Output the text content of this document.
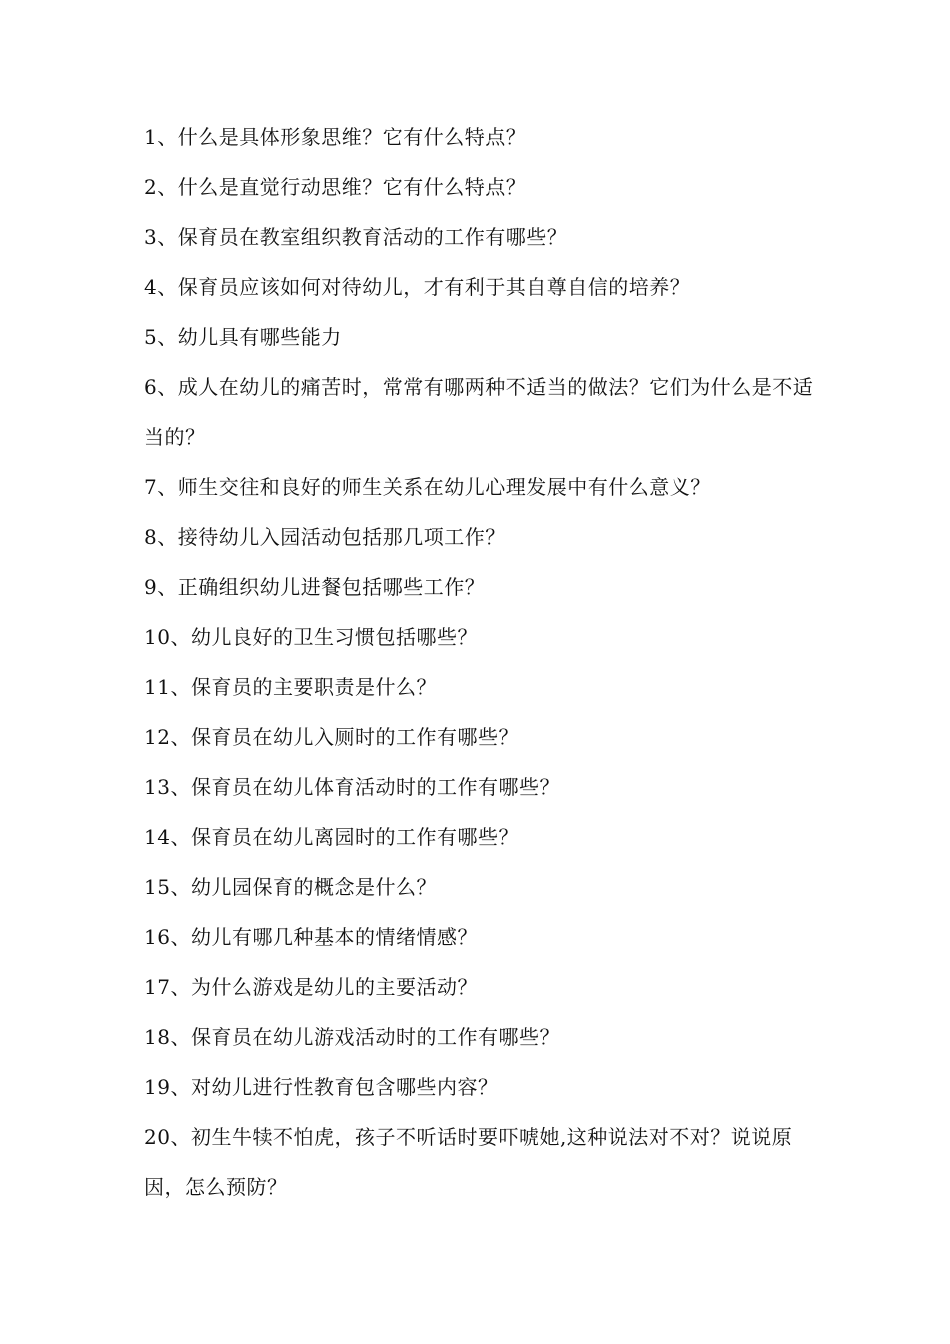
1、什么是具体形象思维？它有什么特点？
2、什么是直觉行动思维？它有什么特点？
3、保育员在教室组织教育活动的工作有哪些？
4、保育员应该如何对待幼儿，才有利于其自尊自信的培养？
5、幼儿具有哪些能力
6、成人在幼儿的痛苦时，常常有哪两种不适当的做法？它们为什么是不适当的？
7、师生交往和良好的师生关系在幼儿心理发展中有什么意义？
8、接待幼儿入园活动包括那几项工作？
9、正确组织幼儿进餐包括哪些工作？
10、幼儿良好的卫生习惯包括哪些？
11、保育员的主要职责是什么？
12、保育员在幼儿入厕时的工作有哪些？
13、保育员在幼儿体育活动时的工作有哪些？
14、保育员在幼儿离园时的工作有哪些？
15、幼儿园保育的概念是什么？
16、幼儿有哪几种基本的情绪情感？
17、为什么游戏是幼儿的主要活动？
18、保育员在幼儿游戏活动时的工作有哪些？
19、对幼儿进行性教育包含哪些内容？
20、初生牛犊不怕虎，孩子不听话时要吓唬她,这种说法对不对？说说原因，怎么预防？
